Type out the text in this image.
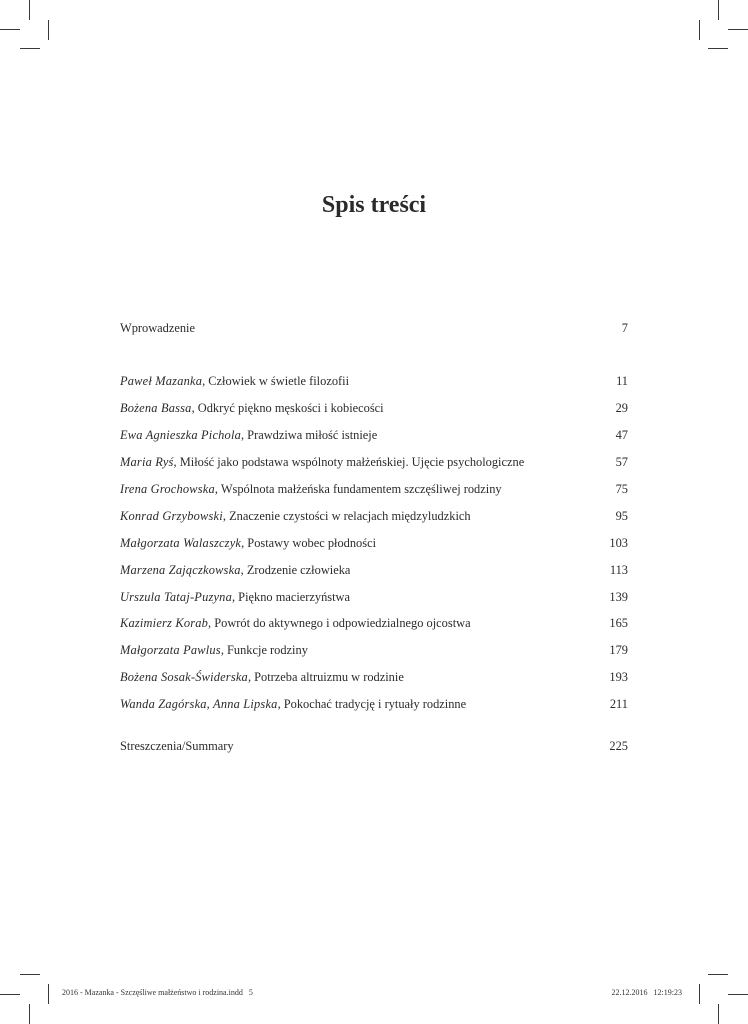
Spis treści
Wprowadzenie	7
Paweł Mazanka, Człowiek w świetle filozofii	11
Bożena Bassa, Odkryć piękno męskości i kobiecości	29
Ewa Agnieszka Pichola, Prawdziwa miłość istnieje	47
Maria Ryś, Miłość jako podstawa wspólnoty małżeńskiej. Ujęcie psychologiczne	57
Irena Grochowska, Wspólnota małżeńska fundamentem szczęśliwej rodziny	75
Konrad Grzybowski, Znaczenie czystości w relacjach międzyludzkich	95
Małgorzata Walaszczyk, Postawy wobec płodności	103
Marzena Zajączkowska, Zrodzenie człowieka	113
Urszula Tataj-Puzyna, Piękno macierzyństwa	139
Kazimierz Korab, Powrót do aktywnego i odpowiedzialnego ojcostwa	165
Małgorzata Pawlus, Funkcje rodziny	179
Bożena Sosak-Świderska, Potrzeba altruizmu w rodzinie	193
Wanda Zagórska, Anna Lipska, Pokochać tradycję i rytuały rodzinne	211
Streszczenia/Summary	225
2016 - Mazanka - Szczęśliwe małżeństwo i rodzina.indd   5	22.12.2016   12:19:23
